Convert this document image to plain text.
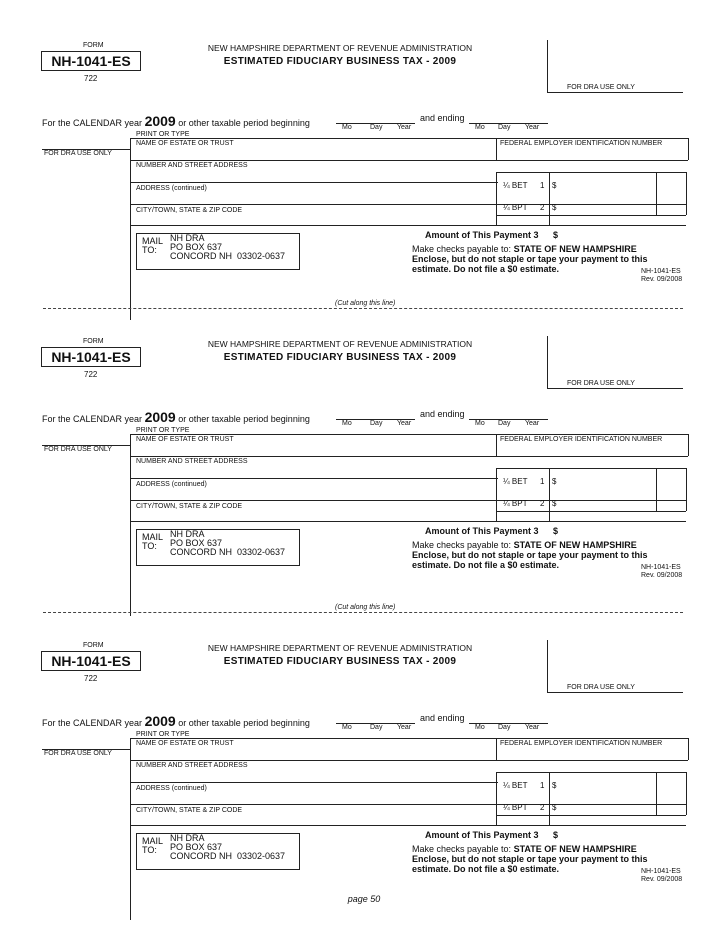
FORM
NH-1041-ES
722
NEW HAMPSHIRE DEPARTMENT OF REVENUE ADMINISTRATION
ESTIMATED FIDUCIARY BUSINESS TAX - 2009
FOR DRA USE ONLY
For the CALENDAR year 2009 or other taxable period beginning	Mo	Day Year
and ending
Mo Day Year
PRINT OR TYPE
NAME OF ESTATE OR TRUST	FEDERAL EMPLOYER IDENTIFICATION NUMBER
FOR DRA USE ONLY
NUMBER AND STREET ADDRESS
ADDRESS (continued)	¼ BET 1 $
CITY/TOWN, STATE & ZIP CODE	¼ BPT 2 $
Amount of This Payment 3 $
MAIL
TO:
NH DRA
PO BOX 637
CONCORD NH  03302-0637
Make checks payable to: STATE OF NEW HAMPSHIRE
Enclose, but do not staple or tape your payment to this
estimate. Do not file a $0 estimate.	NH-1041-ES
Rev. 09/2008
FORM
NH-1041-ES
722
NEW HAMPSHIRE DEPARTMENT OF REVENUE ADMINISTRATION
ESTIMATED FIDUCIARY BUSINESS TAX - 2009
FOR DRA USE ONLY
For the CALENDAR year 2009 or other taxable period beginning	Mo	Day Year
and ending
Mo Day Year
PRINT OR TYPE
NAME OF ESTATE OR TRUST	FEDERAL EMPLOYER IDENTIFICATION NUMBER
FOR DRA USE ONLY
NUMBER AND STREET ADDRESS
ADDRESS (continued)	¼ BET 1 $
CITY/TOWN, STATE & ZIP CODE	¼ BPT 2 $
Amount of This Payment 3 $
MAIL
TO:
NH DRA
PO BOX 637
CONCORD NH  03302-0637
Make checks payable to: STATE OF NEW HAMPSHIRE
Enclose, but do not staple or tape your payment to this
estimate. Do not file a $0 estimate.	NH-1041-ES
Rev. 09/2008
FORM
NH-1041-ES
722
NEW HAMPSHIRE DEPARTMENT OF REVENUE ADMINISTRATION
ESTIMATED FIDUCIARY BUSINESS TAX - 2009
FOR DRA USE ONLY
For the CALENDAR year 2009 or other taxable period beginning	Mo	Day Year
and ending
Mo Day Year
PRINT OR TYPE
NAME OF ESTATE OR TRUST	FEDERAL EMPLOYER IDENTIFICATION NUMBER
FOR DRA USE ONLY
NUMBER AND STREET ADDRESS
ADDRESS (continued)	¼ BET 1 $
CITY/TOWN, STATE & ZIP CODE	¼ BPT 2 $
Amount of This Payment 3 $
MAIL
TO:
NH DRA
PO BOX 637
CONCORD NH  03302-0637
Make checks payable to: STATE OF NEW HAMPSHIRE
Enclose, but do not staple or tape your payment to this
estimate. Do not file a $0 estimate.	NH-1041-ES
Rev. 09/2008
(Cut along this line)
(Cut along this line)
page 50
